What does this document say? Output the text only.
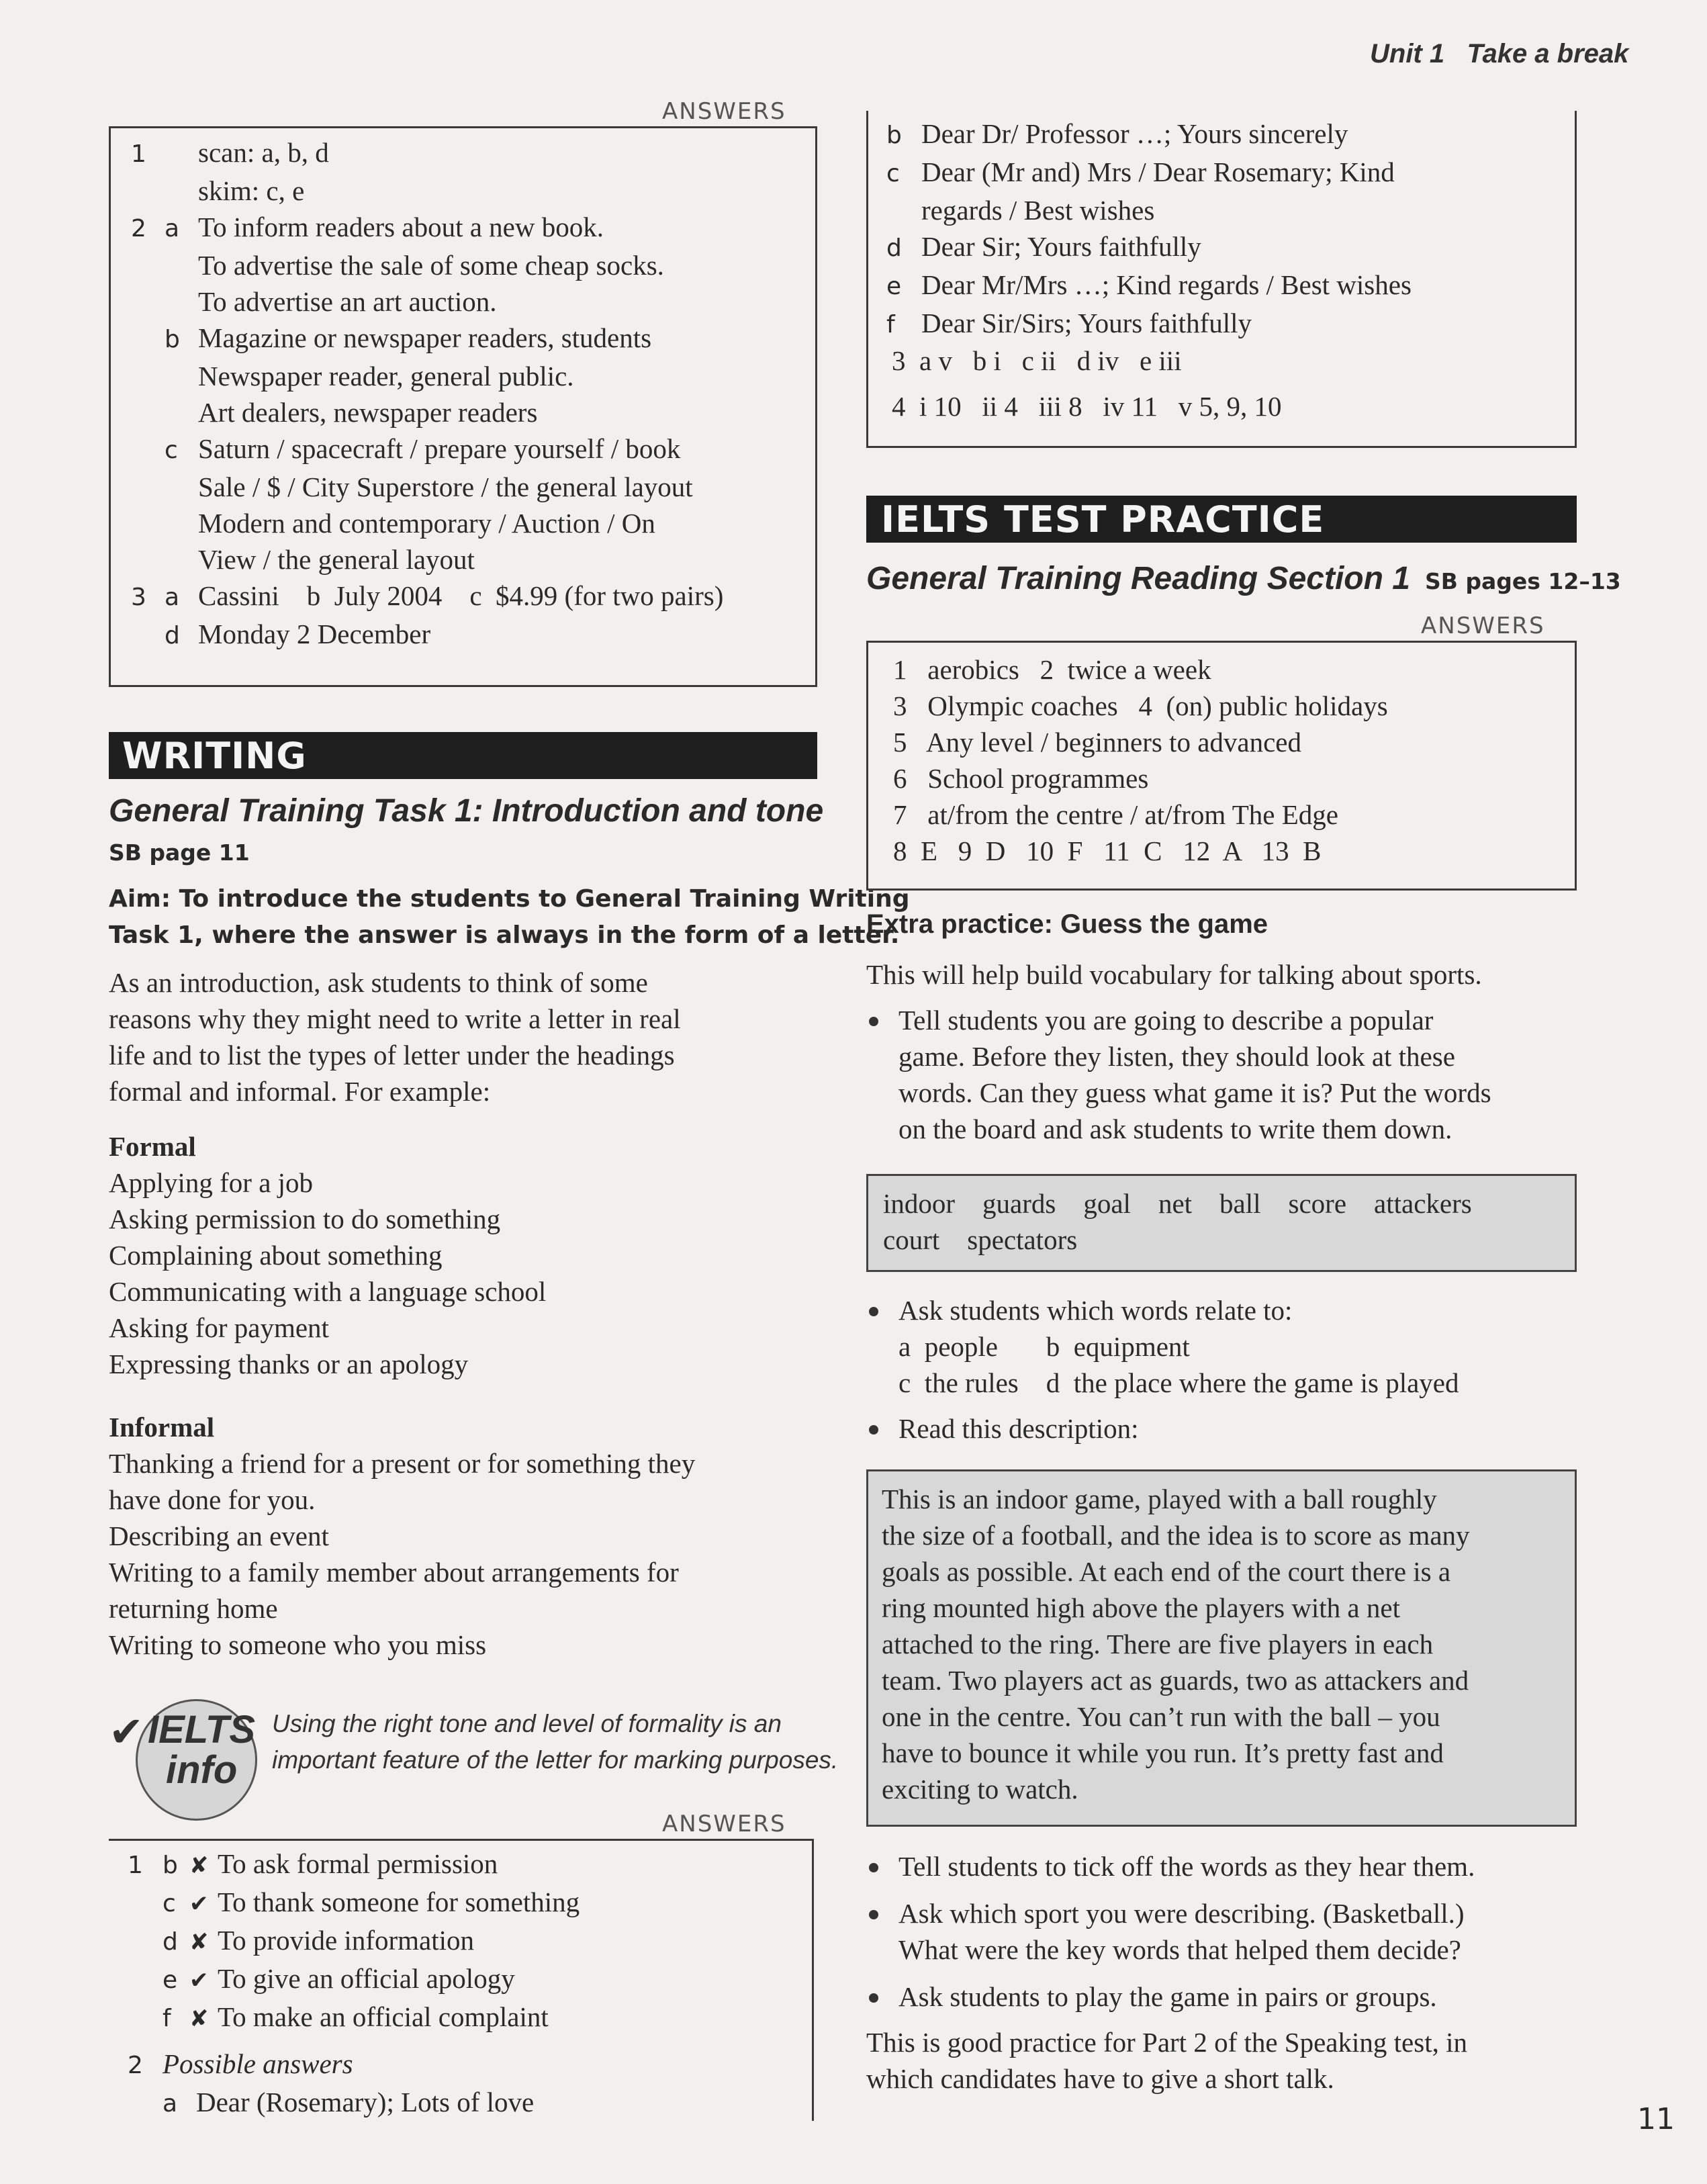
Unit 1 Take a break
ANSWERS

1 scan: a, b, d

skim: c, e

2 a To inform readers about a new book.

To advertise the sale of some cheap socks.

To advertise an art auction.

b Magazine or newspaper readers, students

Newspaper reader, general public.

Art dealers, newspaper readers

c Saturn / spacecraft / prepare yourself / book

Sale / $ / City Superstore / the general layout

Modern and contemporary / Auction / On

View / the general layout

3 a Cassini    b  July 2004    c  $4.99 (for two pairs)

d Monday 2 December

WRITING
General Training Task 1: Introduction and tone
SB page 11

Aim: To introduce the students to General Training Writing

Task 1, where the answer is always in the form of a letter.

As an introduction, ask students to think of some

reasons why they might need to write a letter in real

life and to list the types of letter under the headings

formal and informal. For example:

Formal

Applying for a job

Asking permission to do something

Complaining about something

Communicating with a language school

Asking for payment

Expressing thanks or an apology

Informal

Thanking a friend for a present or for something they

have done for you.

Describing an event

Writing to a family member about arrangements for

returning home

Writing to someone who you miss

✔ IELTS
info

Using the right tone and level of formality is an

important feature of the letter for marking purposes.

ANSWERS

1 b ✘ To ask formal permission

c ✔ To thank someone for something

d ✘ To provide information

e ✔ To give an official apology

f ✘ To make an official complaint

2 Possible answers

a Dear (Rosemary); Lots of love

b Dear Dr/ Professor …; Yours sincerely

c Dear (Mr and) Mrs / Dear Rosemary; Kind

regards / Best wishes

d Dear Sir; Yours faithfully

e Dear Mr/Mrs …; Kind regards / Best wishes

f Dear Sir/Sirs; Yours faithfully

3  a v   b i   c ii   d iv   e iii
4  i 10   ii 4   iii 8   iv 11   v 5, 9, 10
IELTS TEST PRACTICE
General Training Reading Section 1 SB pages 12–13
ANSWERS

1   aerobics   2  twice a week

3   Olympic coaches   4  (on) public holidays

5   Any level / beginners to advanced

6   School programmes

7   at/from the centre / at/from The Edge

8  E   9  D   10  F   11  C   12  A   13  B

Extra practice: Guess the game
This will help build vocabulary for talking about sports.

Tell students you are going to describe a popular

game. Before they listen, they should look at these

words. Can they guess what game it is? Put the words

on the board and ask students to write them down.

indoor    guards    goal    net    ball    score    attackers

court    spectators

Ask students which words relate to:

a  people       b  equipment

c  the rules    d  the place where the game is played

Read this description:

This is an indoor game, played with a ball roughly

the size of a football, and the idea is to score as many

goals as possible. At each end of the court there is a

ring mounted high above the players with a net

attached to the ring. There are five players in each

team. Two players act as guards, two as attackers and

one in the centre. You can’t run with the ball – you

have to bounce it while you run. It’s pretty fast and

exciting to watch.

Tell students to tick off the words as they hear them.

Ask which sport you were describing. (Basketball.)

What were the key words that helped them decide?

Ask students to play the game in pairs or groups.

This is good practice for Part 2 of the Speaking test, in

which candidates have to give a short talk.

11
